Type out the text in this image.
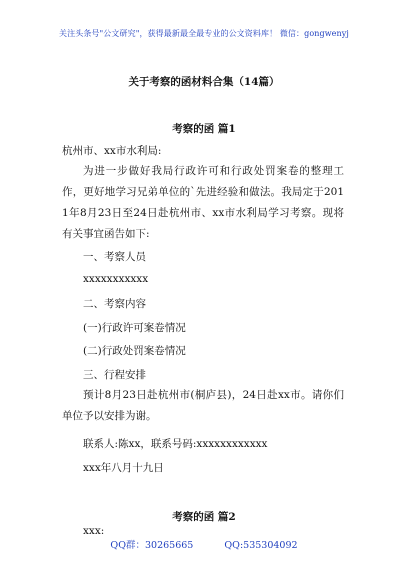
关注头条号"公文研究"，获得最新最全最专业的公文资料库！ 微信：gongwenyj
关于考察的函材料合集（14篇）
考察的函 篇1
杭州市、xx市水利局:
为进一步做好我局行政许可和行政处罚案卷的整理工作，更好地学习兄弟单位的`先进经验和做法。我局定于2011年8月23日至24日赴杭州市、xx市水利局学习考察。现将有关事宜函告如下:
一、考察人员
xxxxxxxxxxx
二、考察内容
(一)行政许可案卷情况
(二)行政处罚案卷情况
三、行程安排
预计8月23日赴杭州市(桐庐县)，24日赴xx市。请你们单位予以安排为谢。
联系人:陈xx，联系号码:xxxxxxxxxxxx
xxx年八月十九日
考察的函 篇2
xxx:
QQ群：30265665	QQ:535304092
